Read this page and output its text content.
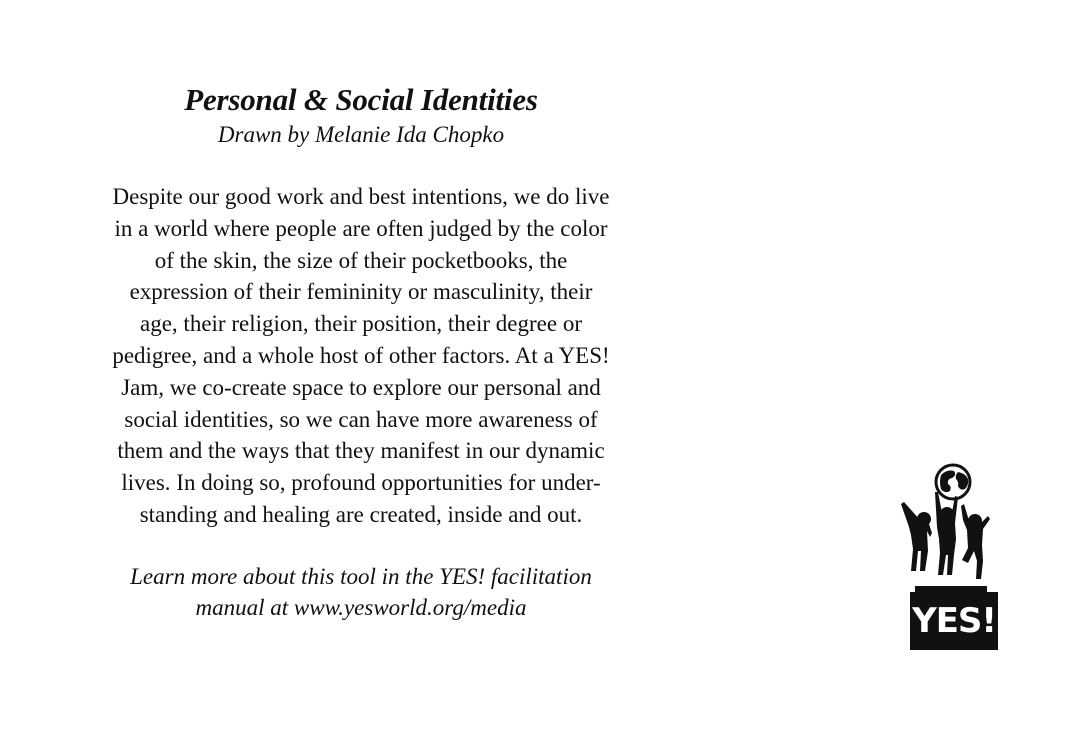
Personal & Social Identities

Drawn by Melanie Ida Chopko

Despite our good work and best intentions, we do live
in a world where people are often judged by the color
of the skin, the size of their pocketbooks, the
expression of their femininity or masculinity, their
age, their religion, their position, their degree or
pedigree, and a whole host of other factors. At a YES!
Jam, we co-create space to explore our personal and
social identities, so we can have more awareness of
them and the ways that they manifest in our dynamic
lives. In doing so, profound opportunities for under-
standing and healing are created, inside and out.

Learn more about this tool in the YES! facilitation
manual at www.yesworld.org/media	YES!
